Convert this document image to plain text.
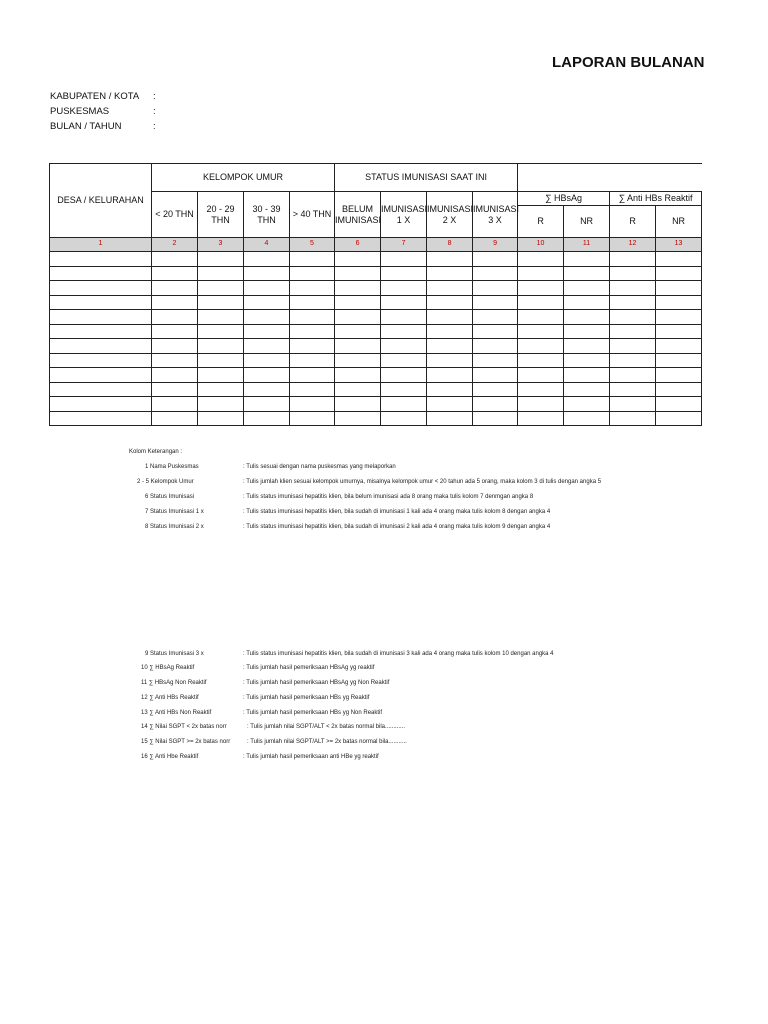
LAPORAN BULANAN
KABUPATEN / KOTA :
PUSKESMAS	:
BULAN / TAHUN	:
DESA / KELURAHAN	KELOMPOK UMUR				STATUS IMUNISASI SAAT INI							
	< 20 THN	20 - 29 THN	30 - 39 THN	> 40 THN	BELUM IMUNISASI	IMUNISASI 1 X	IMUNISASI 2 X	IMUNISASI 3 X	∑ HBsAg		∑ Anti HBs Reaktif	
									R	NR	R	NR
1	2	3	4	5	6	7	8	9	10	11	12	13

Kolom Keterangan :
1 Nama Puskesmas	: Tulis sesuai dengan nama puskesmas yang melaporkan
2 - 5 Kelompok Umur	: Tulis jumlah klien sesuai kelompok umurnya, misalnya kelompok umur < 20 tahun ada 5 orang, maka kolom 3 di tulis dengan angka 5
6 Status Imunisasi	: Tulis status imunisasi hepatitis klien, bila belum imunisasi ada 8 orang maka tulis kolom 7 denmgan angka 8
7 Status Imunisasi 1 x	: Tulis status imunisasi hepatitis klien, bila sudah di imunisasi 1 kali ada 4 orang maka tulis kolom 8 dengan angka 4
8 Status Imunisasi 2 x	: Tulis status imunisasi hepatitis klien, bila sudah di imunisasi 2 kali ada 4 orang maka tulis kolom 9 dengan angka 4
9 Status Imunisasi 3 x	: Tulis status imunisasi hepatitis klien, bila sudah di imunisasi 3 kali ada 4 orang maka tulis kolom 10 dengan angka 4
10 ∑ HBsAg Reaktif	: Tulis jumlah hasil pemeriksaan HBsAg yg reaktif
11 ∑ HBsAg Non Reaktif	: Tulis jumlah hasil pemeriksaan HBsAg yg Non Reaktif
12 ∑ Anti HBs Reaktif	: Tulis jumlah hasil pemeriksaan HBs yg Reaktif
13 ∑ Anti HBs Non Reaktif	: Tulis jumlah hasil pemeriksaan HBs yg Non Reaktif
14 ∑ Nilai SGPT < 2x batas norr	: Tulis jumlah nilai SGPT/ALT < 2x batas normal bila............
15 ∑ Nilai SGPT >= 2x batas norr	: Tulis jumlah nilai SGPT/ALT >= 2x batas normal bila...........
16 ∑ Anti Hbe Reaktif	: Tulis jumlah hasil pemeriksaan anti HBe yg reaktif
